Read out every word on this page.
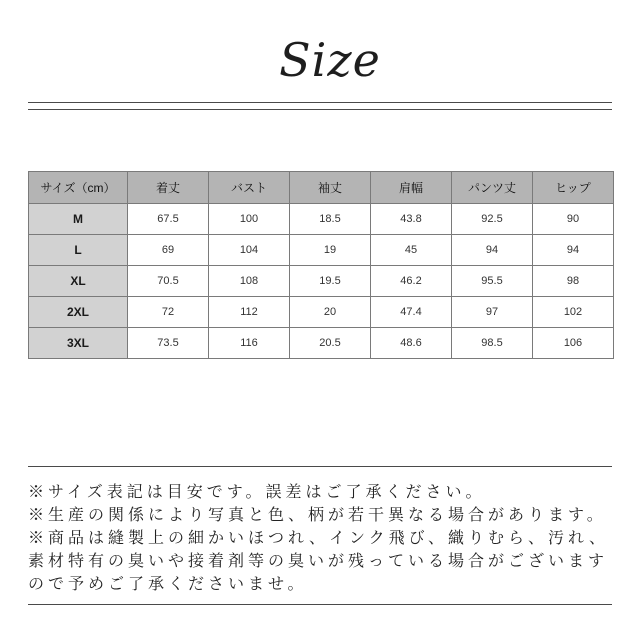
Size
サイズ（cm）	着丈	バスト	袖丈	肩幅	パンツ丈	ヒップ
M	67.5	100	18.5	43.8	92.5	90
L	69	104	19	45	94	94
XL	70.5	108	19.5	46.2	95.5	98
2XL	72	112	20	47.4	97	102
3XL	73.5	116	20.5	48.6	98.5	106
※サイズ表記は目安です。誤差はご了承ください。
※生産の関係により写真と色、柄が若干異なる場合があります。
※商品は縫製上の細かいほつれ、インク飛び、織りむら、汚れ、
素材特有の臭いや接着剤等の臭いが残っている場合がございます
ので予めご了承くださいませ。
